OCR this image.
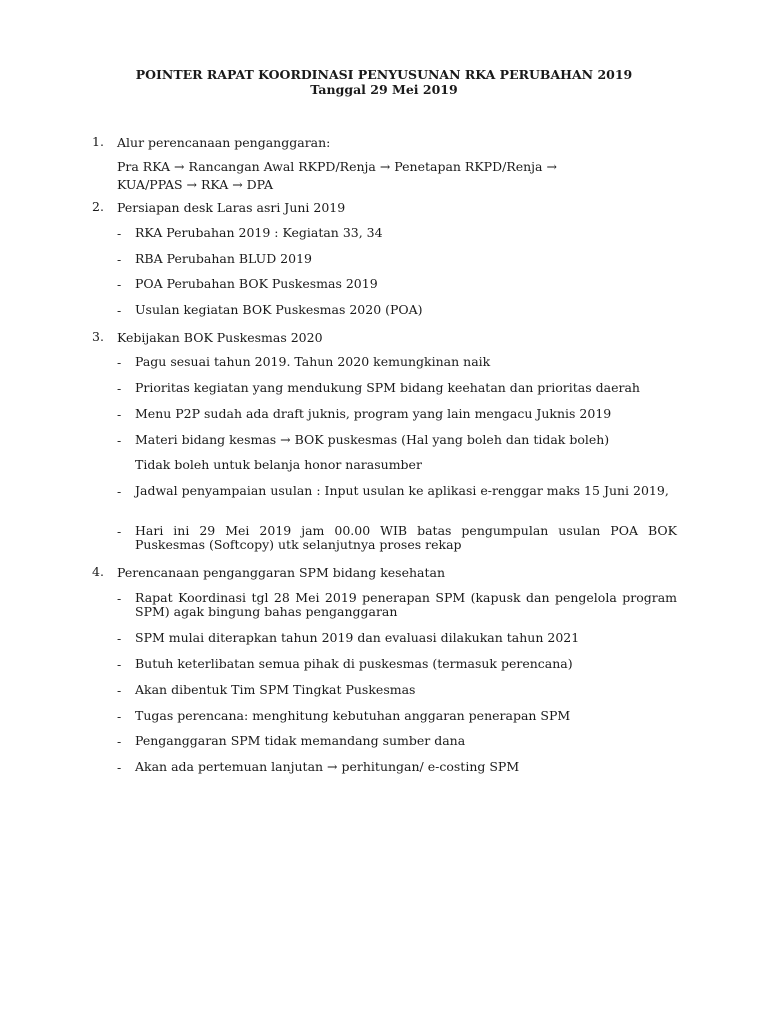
POINTER RAPAT KOORDINASI PENYUSUNAN RKA PERUBAHAN 2019
Tanggal 29 Mei 2019
1.	Alur perencanaan penganggaran:
Pra RKA → Rancangan Awal RKPD/Renja → Penetapan RKPD/Renja → KUA/PPAS → RKA → DPA
2.	Persiapan desk Laras asri Juni 2019
-	RKA Perubahan 2019 : Kegiatan 33, 34
-	RBA Perubahan BLUD 2019
-	POA Perubahan BOK Puskesmas 2019
-	Usulan kegiatan BOK Puskesmas 2020 (POA)
3.	Kebijakan BOK Puskesmas 2020
-	Pagu sesuai tahun 2019. Tahun 2020 kemungkinan naik
-	Prioritas kegiatan yang mendukung SPM bidang keehatan dan prioritas daerah
-	Menu P2P sudah ada draft juknis, program yang lain mengacu Juknis 2019
-	Materi bidang kesmas → BOK puskesmas (Hal yang boleh dan tidak boleh)
Tidak boleh untuk belanja honor narasumber
-	Jadwal penyampaian usulan : Input usulan ke aplikasi e-renggar maks 15 Juni 2019,
-	Hari ini 29 Mei 2019 jam 00.00 WIB batas pengumpulan usulan POA BOK Puskesmas (Softcopy) utk selanjutnya proses rekap
4.	Perencanaan penganggaran SPM bidang kesehatan
-	Rapat Koordinasi tgl 28 Mei 2019 penerapan SPM (kapusk dan pengelola program SPM) agak bingung bahas penganggaran
-	SPM mulai diterapkan tahun 2019 dan evaluasi dilakukan tahun 2021
-	Butuh keterlibatan semua pihak di puskesmas (termasuk perencana)
-	Akan dibentuk Tim SPM Tingkat Puskesmas
-	Tugas perencana: menghitung kebutuhan anggaran penerapan SPM
-	Penganggaran SPM tidak memandang sumber dana
-	Akan ada pertemuan lanjutan → perhitungan/ e-costing SPM
